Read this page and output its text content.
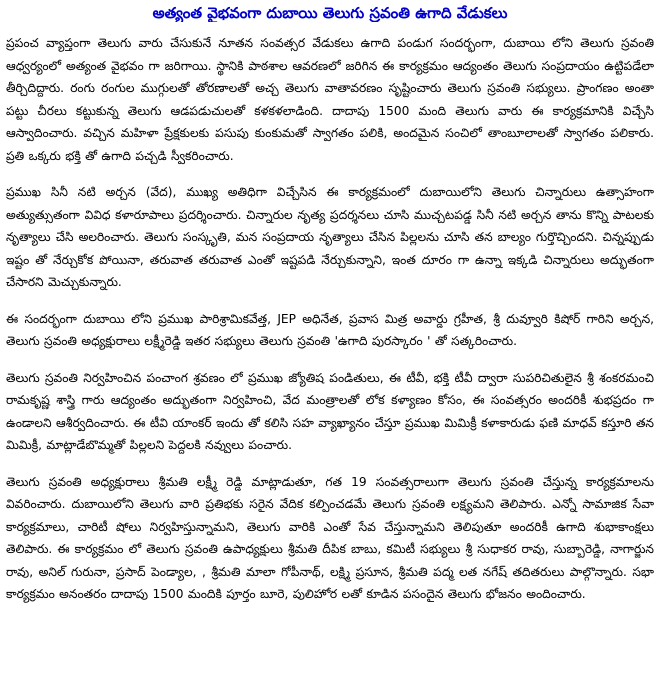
అత్యంత వైభవంగా దుబాయి తెలుగు స్రవంతి ఉగాది వేడుకలు

ప్రపంచ వ్యాప్తంగా తెలుగు వారు చేసుకునే నూతన సంవత్సర వేడుకలు ఉగాది పండుగ సందర్భంగా, దుబాయి లోని తెలుగు స్రవంతి ఆధ్వర్యంలో అత్యంత వైభవం గా జరిగాయి. స్థానికి పాఠశాల ఆవరణలో జరిగిన ఈ కార్యక్రమం ఆద్యంతం తెలుగు సంప్రదాయం ఉట్టిపడేలా తీర్చిదిద్దారు. రంగు రంగుల ముగ్గులతో తోరణాలతో అచ్చ తెలుగు వాతావరణం సృష్టించారు తెలుగు స్రవంతి సభ్యులు. ప్రాంగణం అంతా పట్టు చీరలు కట్టుకున్న తెలుగు ఆడపడుచులతో కళకళలాడింది. దాదాపు 1500 మంది తెలుగు వారు ఈ కార్యక్రమానికి విచ్చేసి ఆస్వాదించారు. వచ్చిన మహిళా ప్రేక్షకులకు పసుపు కుంకుమతో స్వాగతం పలికి, అందమైన సంచిలో తాంబూలాలతో స్వాగతం పలికారు. ప్రతి ఒక్కరు భక్తి తో ఉగాది పచ్చడి స్వీకరించారు.

ప్రముఖ సినీ నటి అర్చన (వేద), ముఖ్య అతిధిగా విచ్చేసిన ఈ కార్యక్రమంలో దుబాయిలోని తెలుగు చిన్నారులు ఉత్సాహంగా అత్యుత్సుతంగా వివిధ కళారూపాలు ప్రదర్శించారు. చిన్నారుల నృత్య ప్రదర్శనలు చూసి ముచ్చటపడ్డ సినీ నటి అర్చన తాను కొన్ని పాటలకు నృత్యాలు చేసి అలరించారు. తెలుగు సంస్కృతి, మన సంప్రదాయ నృత్యాలు చేసిన పిల్లలను చూసి తన బాల్యం గుర్తొచ్చిందని. చిన్నప్పుడు ఇష్టం తో నేర్చుకోక పోయినా, తరువాత తరువాత ఎంతో ఇష్టపడి నేర్చుకున్నాని, ఇంత దూరం గా ఉన్నా ఇక్కడి చిన్నారులు అద్భుతంగా చేసారని మెచ్చుకున్నారు.

ఈ సందర్భంగా దుబాయి లోని ప్రముఖ పారిశ్రామికవేత్త, JEP అధినేత, ప్రవాస మిత్ర అవార్డు గ్రహీత, శ్రీ దువ్వూరి కిషోర్ గారిని అర్చన, తెలుగు స్రవంతి అధ్యక్షురాలు లక్ష్మీరెడ్డి ఇతర సభ్యులు తెలుగు స్రవంతి 'ఉగాది పురస్కారం ' తో సత్కరించారు.

తెలుగు స్రవంతి నిర్వహించిన పంచాంగ శ్రవణం లో ప్రముఖ జ్యోతిష పండితులు, ఈ టీవీ, భక్తి టీవీ ద్వారా సుపరిచితులైన శ్రీ శంకరమంచి రామకృష్ణ శాస్త్రి గారు ఆద్యంతం అద్భుతంగా నిర్వహించి, వేద మంత్రాలతో లోక కళ్యాణం కోసం, ఈ సంవత్సరం అందరికీ శుభప్రదం గా ఉండాలని ఆశీర్వదించారు. ఈ టీవి యాంకర్ ఇందు తో కలిసి సహ వ్యాఖ్యానం చేస్తూ ప్రముఖ మిమిక్రీ కళాకారుడు ఫణి మాధవ్ కస్తూరి తన మిమిక్రీ, మాట్లాడేబొమ్మతో పిల్లలని పెద్దలకి నవ్వులు పంచారు.

తెలుగు స్రవంతి అధ్యక్షురాలు శ్రీమతి లక్ష్మీ రెడ్డి మాట్లాడుతూ, గత 19 సంవత్సరాలుగా తెలుగు స్రవంతి చేస్తున్న కార్యక్రమాలను వివరించారు. దుబాయిలోని తెలుగు వారి ప్రతిభకు సరైన వేదిక కల్పించడమే తెలుగు స్రవంతి లక్ష్యమని తెలిపారు. ఎన్నో సామాజిక సేవా కార్యక్రమాలు, చారిటీ షోలు నిర్వహిస్తున్నామని, తెలుగు వారికి ఎంతో సేవ చేస్తున్నామని తెలిపుతూ అందరికీ ఉగాది శుభాకాంక్షలు తెలిపారు. ఈ కార్యక్రమం లో తెలుగు స్రవంతి ఉపాధ్యక్షులు శ్రీమతి దీపిక బాబు, కమిటీ సభ్యులు శ్రీ సుధాకర రావు, సుబ్బారెడ్డి, నాగార్జున రావు, అనిల్ గురునా, ప్రసాద్ పెండ్యాల, , శ్రీమతి మాలా గోపీనాథ్, లక్ష్మి ప్రసూన, శ్రీమతి పద్మ లత నగేష్ తదితరులు పాల్గొన్నారు. సభా కార్యక్రమం అనంతరం దాదాపు 1500 మందికి పూర్తం బూరె, పులిహోర లతో కూడిన పసందైన తెలుగు భోజనం అందించారు.
